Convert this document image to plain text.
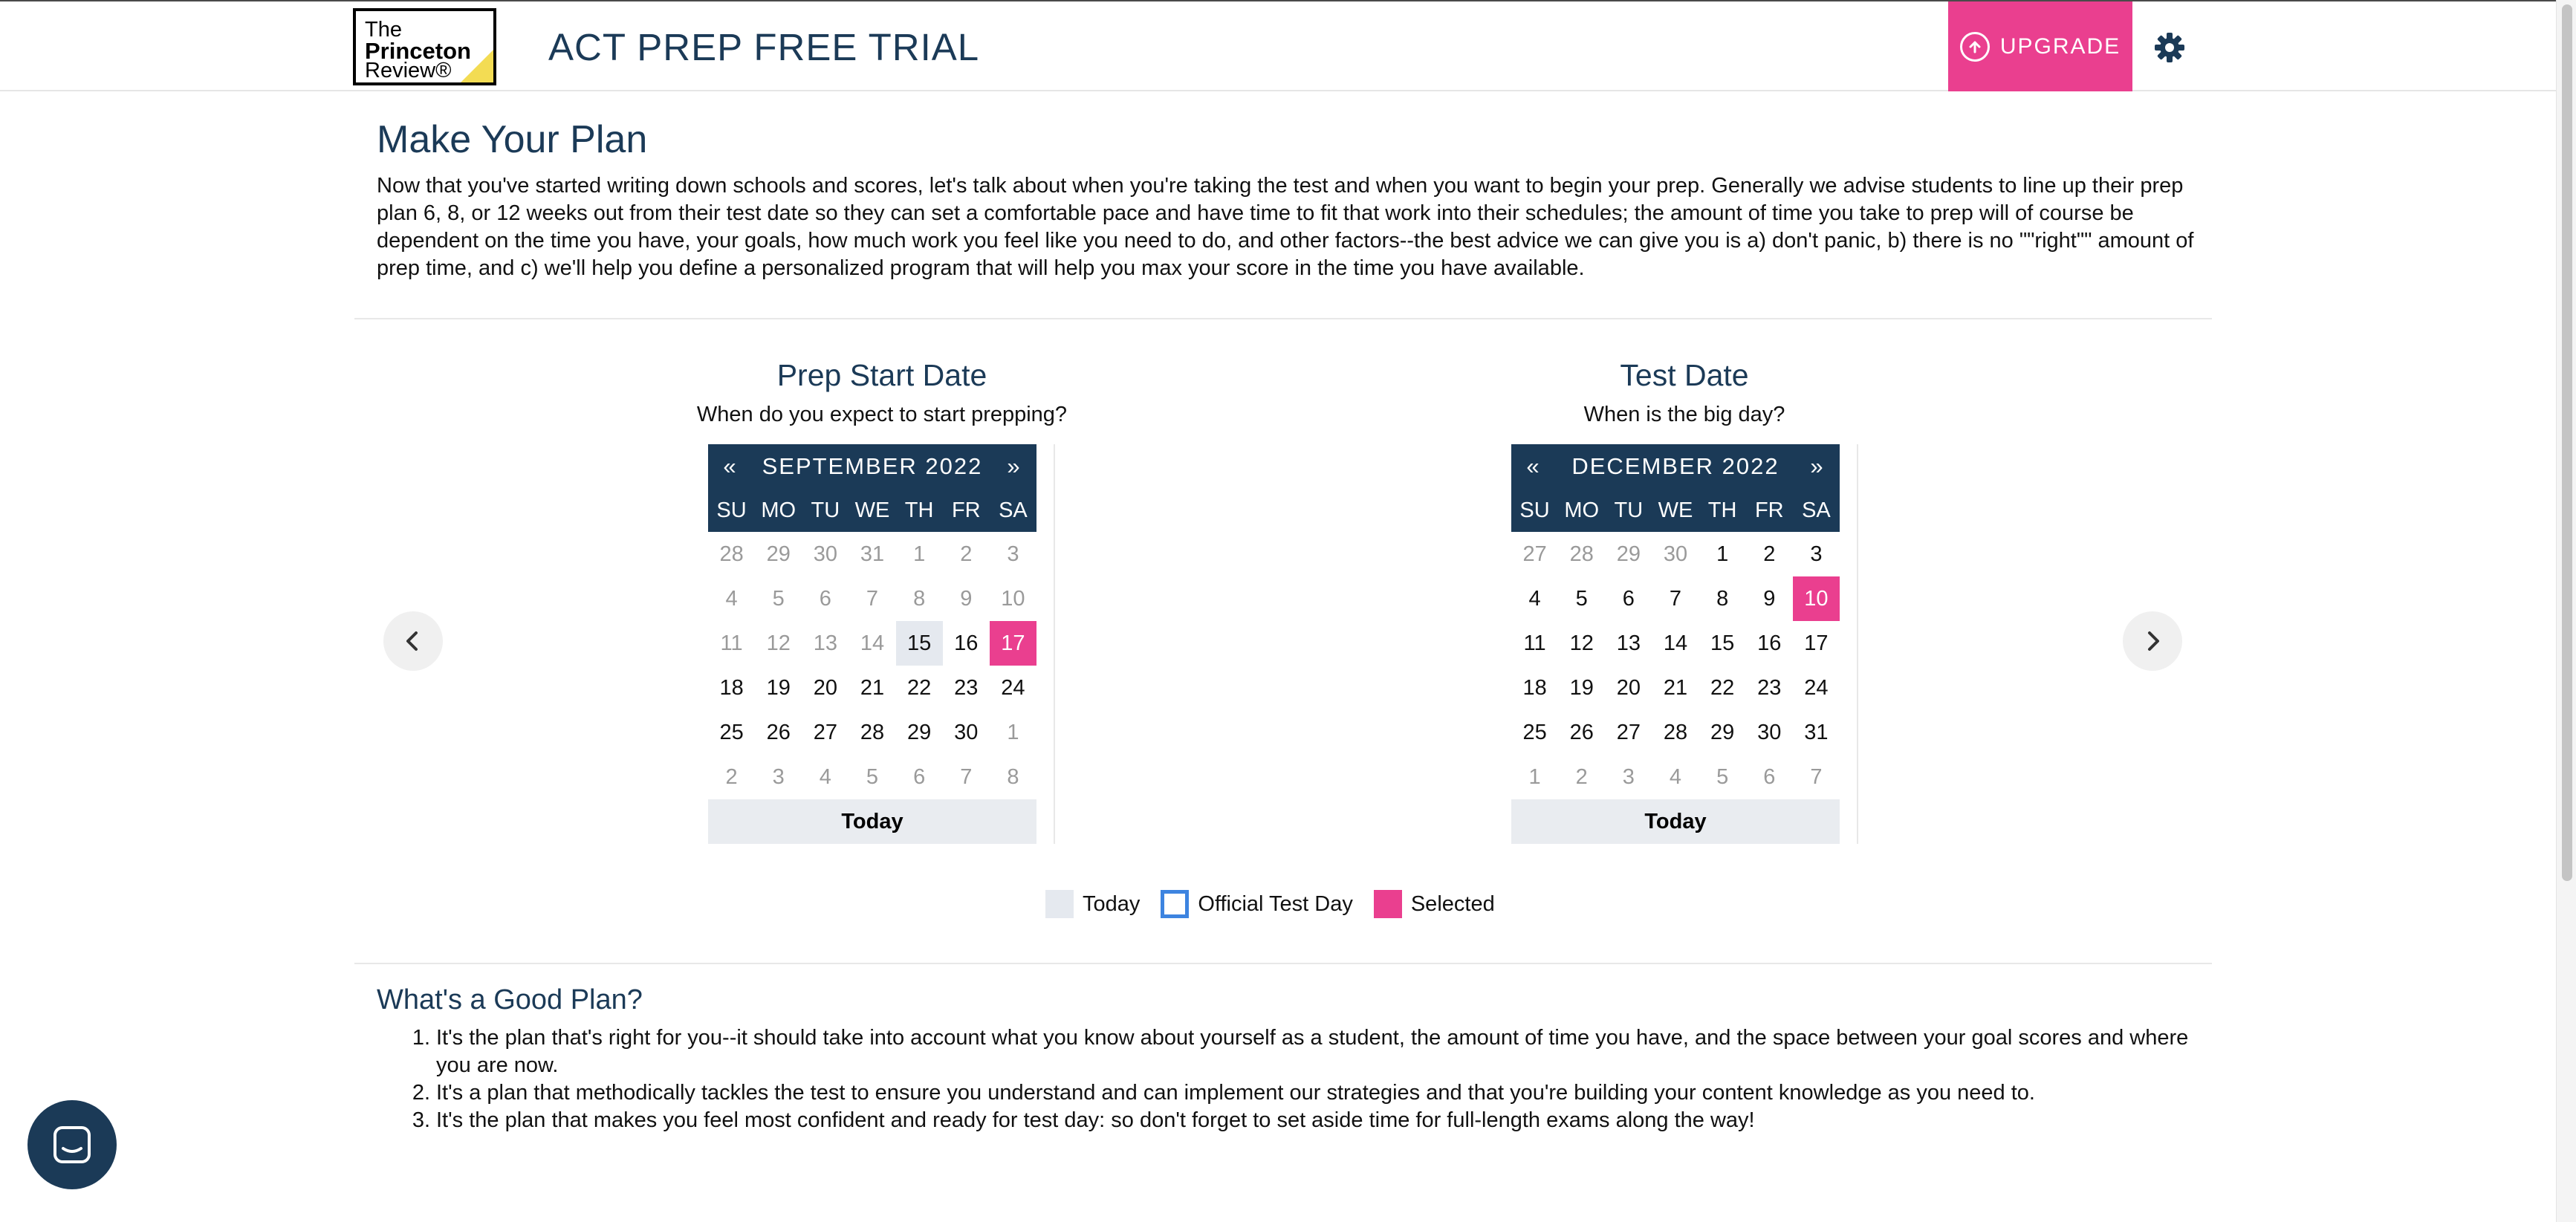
The
Princeton
Review®
ACT PREP FREE TRIAL	UPGRADE
Make Your Plan

Now that you've started writing down schools and scores, let's talk about when you're taking the test and when you want to begin your prep. Generally we advise students to line up their prep plan 6, 8, or 12 weeks out from their test date so they can set a comfortable pace and have time to fit that work into their schedules; the amount of time you take to prep will of course be dependent on the time you have, your goals, how much work you feel like you need to do, and other factors--the best advice we can give you is a) don't panic, b) there is no ""right"" amount of prep time, and c) we'll help you define a personalized program that will help you max your score in the time you have available.

Prep Start Date
When do you expect to start prepping?
«	SEPTEMBER 2022	»
SU MO TU WE TH FR SA
28	29	30	31	1	2	3
4	5	6	7	8	9	10
11	12	13	14	15	16	17
18	19	20	21	22	23	24
25	26	27	28	29	30	1
2	3	4	5	6	7	8
Today
Test Date
When is the big day?
«	DECEMBER 2022	»
SU MO TU WE TH FR SA
27	28	29	30	1	2	3
4	5	6	7	8	9	10
11	12	13	14	15	16	17
18	19	20	21	22	23	24
25	26	27	28	29	30	31
1	2	3	4	5	6	7
Today
Today	Official Test Day	Selected
What's a Good Plan?
1. It's the plan that's right for you--it should take into account what you know about yourself as a student, the amount of time you have, and the space between your goal scores and where you are now.
2. It's a plan that methodically tackles the test to ensure you understand and can implement our strategies and that you're building your content knowledge as you need to.
3. It's the plan that makes you feel most confident and ready for test day: so don't forget to set aside time for full-length exams along the way!
